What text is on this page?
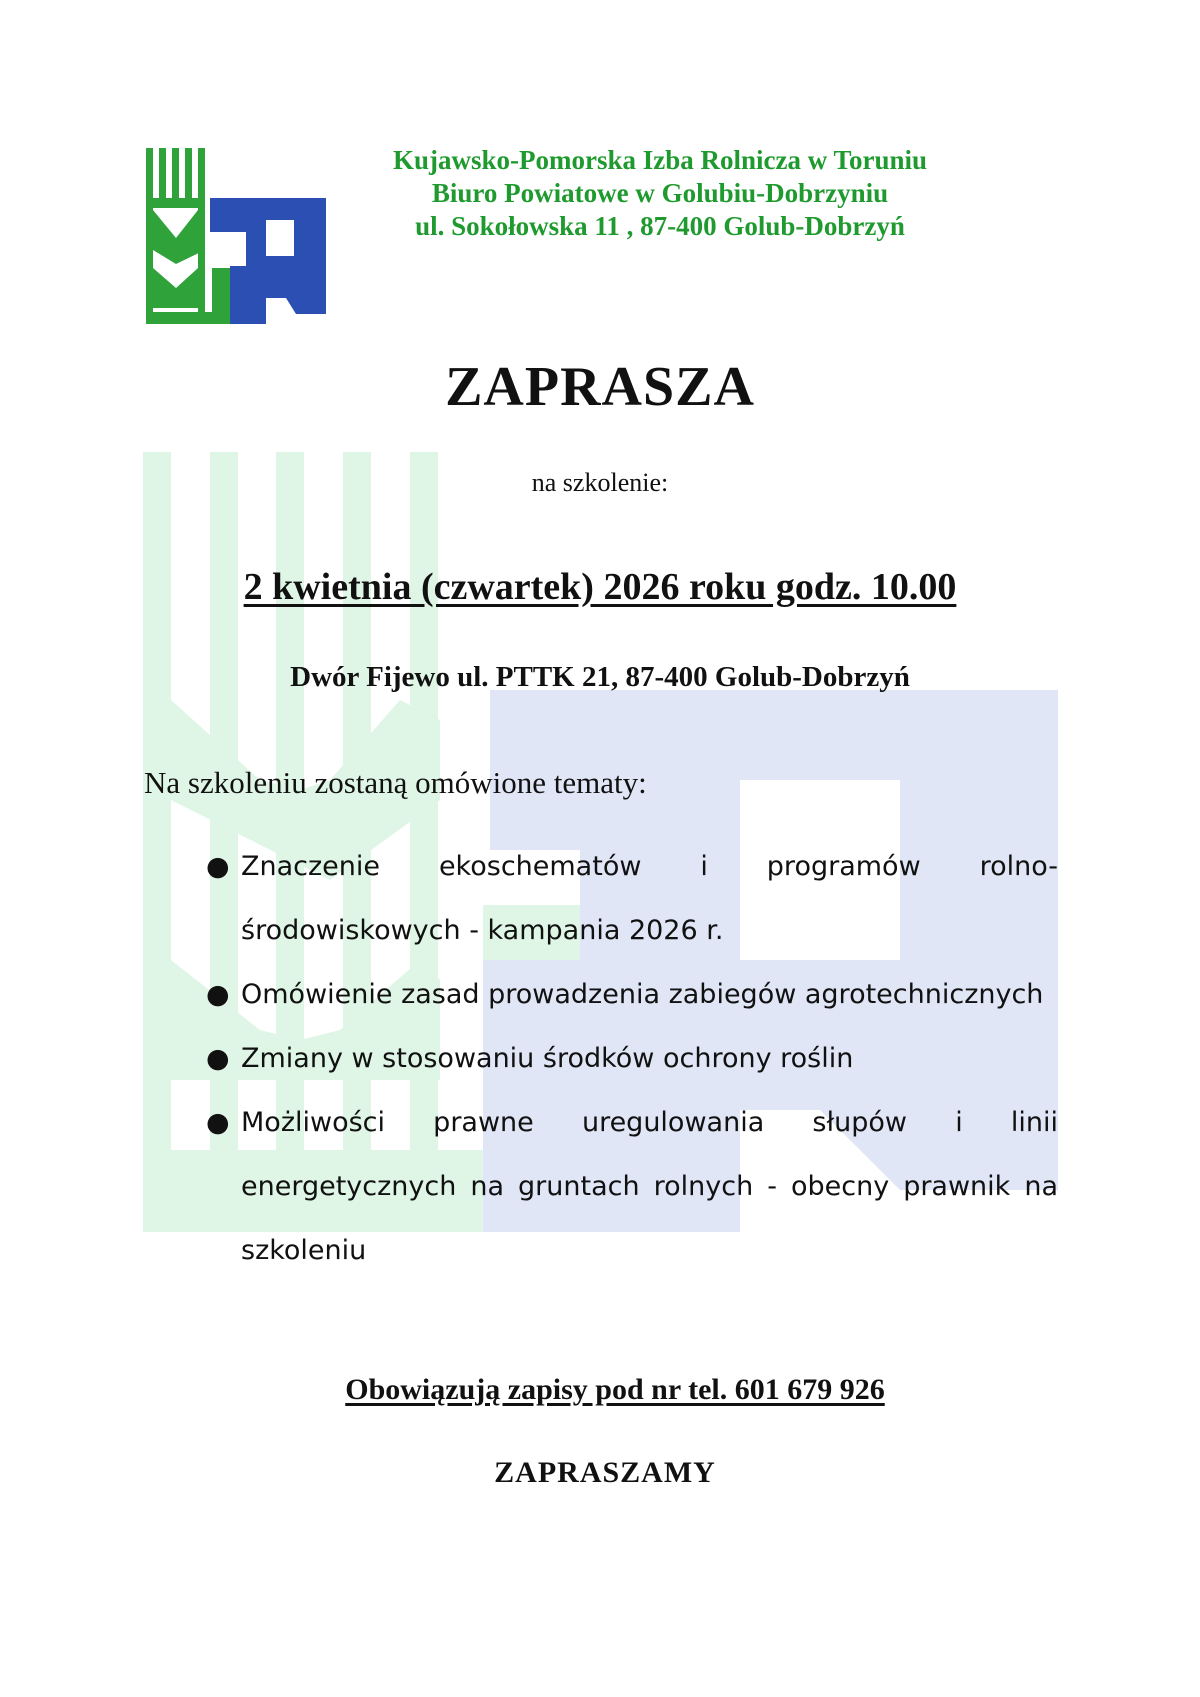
Kujawsko-Pomorska Izba Rolnicza w Toruniu
Biuro Powiatowe w Golubiu-Dobrzyniu
ul. Sokołowska 11 , 87-400 Golub-Dobrzyń
ZAPRASZA
na szkolenie:
2 kwietnia (czwartek) 2026 roku godz. 10.00
Dwór Fijewo ul. PTTK 21, 87-400 Golub-Dobrzyń
Na szkoleniu zostaną omówione tematy:
● Znaczenie ekoschematów i programów rolno-środowiskowych - kampania 2026 r.
● Omówienie zasad prowadzenia zabiegów agrotechnicznych
● Zmiany w stosowaniu środków ochrony roślin
● Możliwości prawne uregulowania słupów i linii energetycznych na gruntach rolnych - obecny prawnik na szkoleniu
Obowiązują zapisy pod nr tel. 601 679 926
ZAPRASZAMY
